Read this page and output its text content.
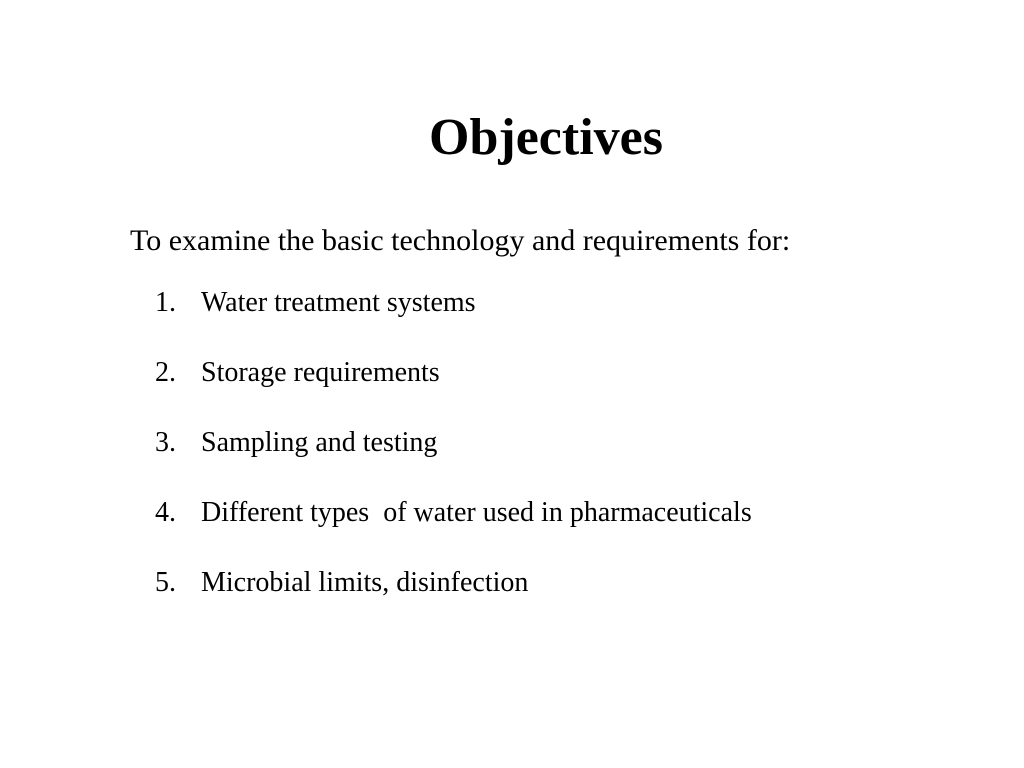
Objectives

To examine the basic technology and requirements for:

1.

Water treatment systems

2.

Storage requirements

3.

Sampling and testing

4.

Different types  of water used in pharmaceuticals

5.

Microbial limits, disinfection
